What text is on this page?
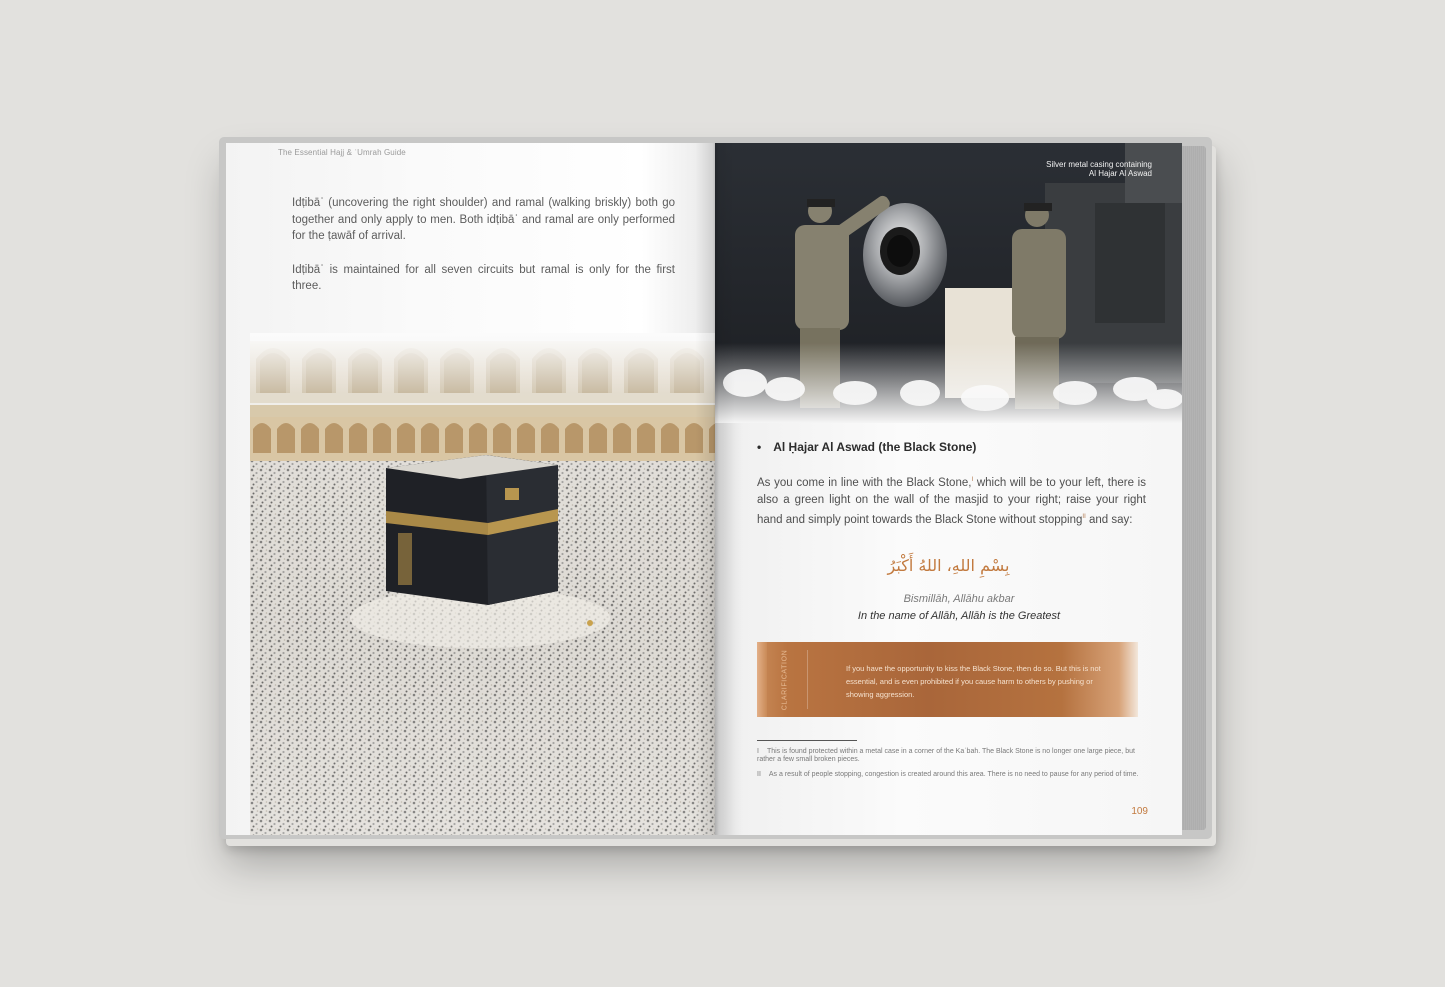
The Essential Hajj & ʿUmrah Guide

Idṭibāʿ (uncovering the right shoulder) and ramal (walking briskly) both go together and only apply to men. Both idṭibāʿ and ramal are only performed for the ṭawāf of arrival.

Idṭibāʿ is maintained for all seven circuits but ramal is only for the first three.

Silver metal casing containing
Al Hajar Al Aswad
• Al Ḥajar Al Aswad (the Black Stone)
As you come in line with the Black Stone,$^I$ which will be to your left, there is also a green light on the wall of the masjid to your right; raise your right hand and simply point towards the Black Stone without stopping$^{II}$ and say:
بِسْمِ اللهِ، اللهُ أَكْبَرُ
Bismillāh, Allāhu akbar
In the name of Allāh, Allāh is the Greatest
CLARIFICATION	If you have the opportunity to kiss the Black Stone, then do so. But this is not essential, and is even prohibited if you cause harm to others by pushing or showing aggression.
I This is found protected within a metal case in a corner of the Kaʿbah. The Black Stone is no longer one large piece, but rather a few small broken pieces.
II As a result of people stopping, congestion is created around this area. There is no need to pause for any period of time.
109
